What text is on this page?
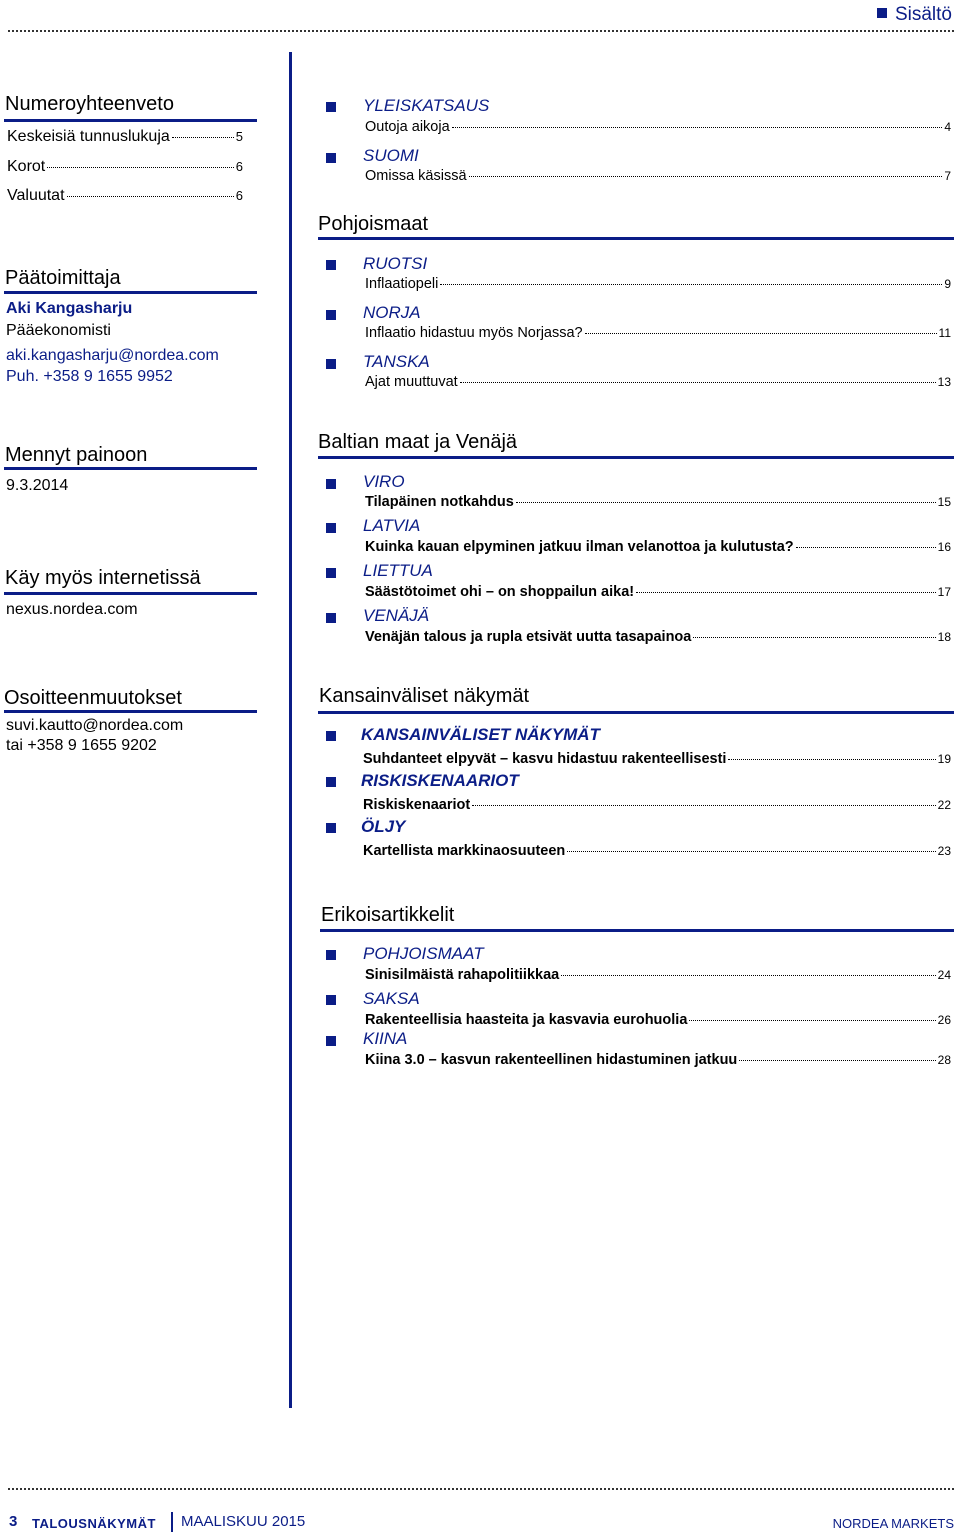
Sisältö
Numeroyhteenveto
Keskeisiä tunnuslukuja	5
Korot	6
Valuutat	6
Päätoimittaja
Aki Kangasharju
Pääekonomisti
aki.kangasharju@nordea.com
Puh. +358 9 1655 9952
Mennyt painoon
9.3.2014
Käy myös internetissä
nexus.nordea.com
Osoitteenmuutokset
suvi.kautto@nordea.com
tai +358 9 1655 9202
YLEISKATSAUS
Outoja aikoja	4
SUOMI
Omissa käsissä	7
Pohjoismaat
RUOTSI
Inflaatiopeli	9
NORJA
Inflaatio hidastuu myös Norjassa?	11
TANSKA
Ajat muuttuvat	13
Baltian maat ja Venäjä
VIRO
Tilapäinen notkahdus	15
LATVIA
Kuinka kauan elpyminen jatkuu ilman velanottoa ja kulutusta?	16
LIETTUA
Säästötoimet ohi – on shoppailun aika!	17
VENÄJÄ
Venäjän talous ja rupla etsivät uutta tasapainoa	18
Kansainväliset näkymät
KANSAINVÄLISET NÄKYMÄT
Suhdanteet elpyvät – kasvu hidastuu rakenteellisesti	19
RISKISKENAARIOT
Riskiskenaariot	22
ÖLJY
Kartellista markkinaosuuteen	23
Erikoisartikkelit
POHJOISMAAT
Sinisilmäistä rahapolitiikkaa	24
SAKSA
Rakenteellisia haasteita ja kasvavia eurohuolia	26
KIINA
Kiina 3.0 – kasvun rakenteellinen hidastuminen jatkuu	28
3 TALOUSNÄKYMÄT MAALISKUU 2015	NORDEA MARKETS
